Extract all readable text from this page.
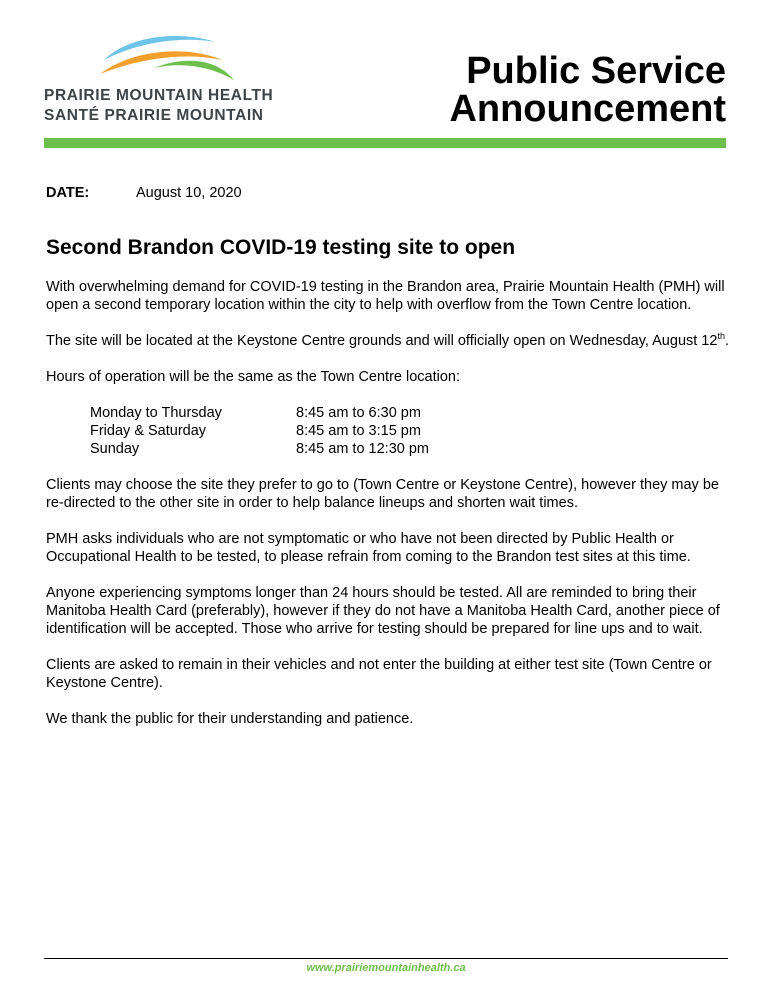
PRAIRIE MOUNTAIN HEALTH
SANTÉ PRAIRIE MOUNTAIN
Public Service
Announcement
DATE:	August 10, 2020
Second Brandon COVID-19 testing site to open

With overwhelming demand for COVID-19 testing in the Brandon area, Prairie Mountain Health (PMH) will open a second temporary location within the city to help with overflow from the Town Centre location.

The site will be located at the Keystone Centre grounds and will officially open on Wednesday, August 12th.

Hours of operation will be the same as the Town Centre location:

Monday to Thursday	8:45 am to 6:30 pm
Friday & Saturday	8:45 am to 3:15 pm
Sunday	8:45 am to 12:30 pm

Clients may choose the site they prefer to go to (Town Centre or Keystone Centre), however they may be re-directed to the other site in order to help balance lineups and shorten wait times.

PMH asks individuals who are not symptomatic or who have not been directed by Public Health or Occupational Health to be tested, to please refrain from coming to the Brandon test sites at this time.

Anyone experiencing symptoms longer than 24 hours should be tested. All are reminded to bring their Manitoba Health Card (preferably), however if they do not have a Manitoba Health Card, another piece of identification will be accepted. Those who arrive for testing should be prepared for line ups and to wait.

Clients are asked to remain in their vehicles and not enter the building at either test site (Town Centre or Keystone Centre).

We thank the public for their understanding and patience.

www.prairiemountainhealth.ca
